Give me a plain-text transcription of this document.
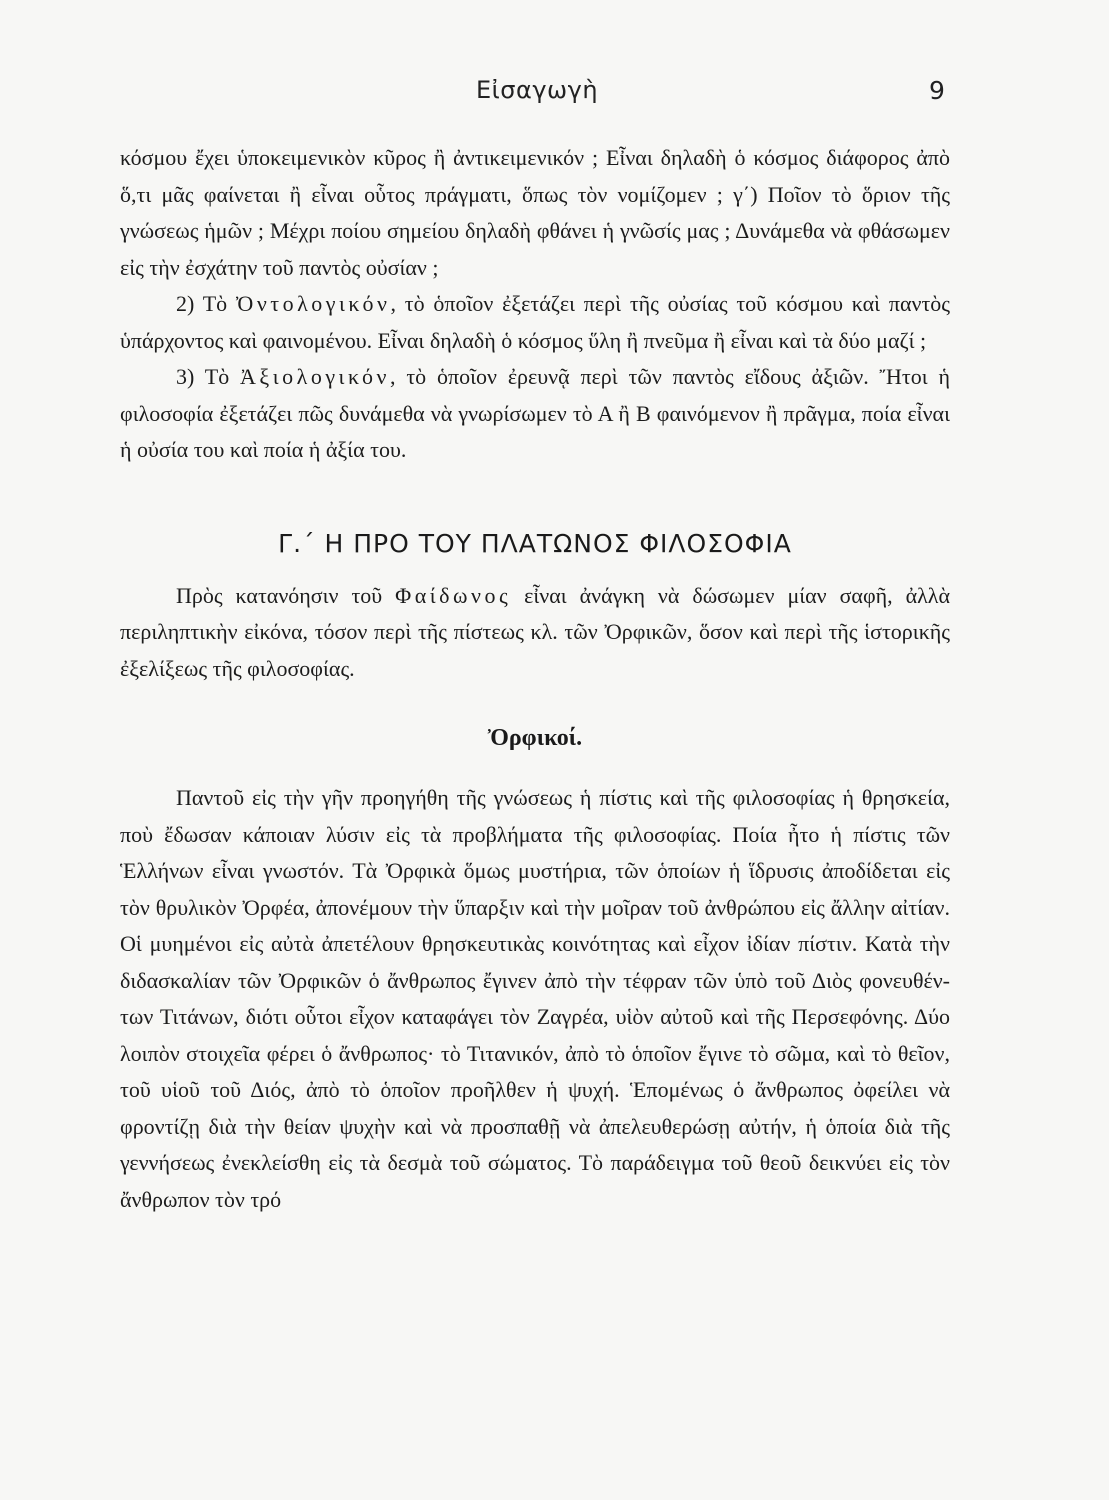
Εἰσαγωγὴ	9

κόσμου ἔχει ὑποκειμενικὸν κῦρος ἢ ἀντικειμενικόν ; Εἶναι δηλαδὴ ὁ κόσμος διάφορος ἀπὸ ὅ,τι μᾶς φαίνεται ἢ εἶναι οὗτος πράγματι, ὅπως τὸν νομίζομεν ; γ΄) Ποῖον τὸ ὅριον τῆς γνώσεως ἡμῶν ; Μέχρι ποίου σημείου δηλαδὴ φθάνει ἡ γνῶσίς μας ; Δυνάμεθα νὰ φθάσωμεν εἰς τὴν ἐσχάτην τοῦ παντὸς οὐσίαν ;

2) Τὸ Ὀντολογικόν, τὸ ὁποῖον ἐξετάζει περὶ τῆς οὐσίας τοῦ κόσμου καὶ παντὸς ὑπάρχοντος καὶ φαινομένου. Εἶναι δηλαδὴ ὁ κόσμος ὕλη ἢ πνεῦμα ἢ εἶναι καὶ τὰ δύο μαζί ;

3) Τὸ Ἀξιολογικόν, τὸ ὁποῖον ἐρευνᾷ περὶ τῶν παντὸς εἴδους ἀξιῶν. Ἤτοι ἡ φιλοσοφία ἐξετάζει πῶς δυνάμεθα νὰ γνωρίσωμεν τὸ Α ἢ Β φαινόμενον ἢ πρᾶγμα, ποία εἶναι ἡ οὐσία του καὶ ποία ἡ ἀξία του.

Γ.΄ Η ΠΡΟ ΤΟΥ ΠΛΑΤΩΝΟΣ ΦΙΛΟΣΟΦΙΑ

Πρὸς κατανόησιν τοῦ Φαίδωνος εἶναι ἀνάγκη νὰ δώσωμεν μίαν σαφῆ, ἀλλὰ περιληπτικὴν εἰκόνα, τόσον περὶ τῆς πίστεως κλ. τῶν Ὀρφικῶν, ὅσον καὶ περὶ τῆς ἱστορικῆς ἐξελίξεως τῆς φιλοσοφίας.

Ὀρφικοί.

Παντοῦ εἰς τὴν γῆν προηγήθη τῆς γνώσεως ἡ πίστις καὶ τῆς φιλοσοφίας ἡ θρησκεία, ποὺ ἔδωσαν κάποιαν λύσιν εἰς τὰ προβλήματα τῆς φιλοσοφίας. Ποία ἦτο ἡ πίστις τῶν Ἑλλήνων εἶναι γνωστόν. Τὰ Ὀρφικὰ ὅμως μυστήρια, τῶν ὁποίων ἡ ἵδρυσις ἀποδίδεται εἰς τὸν θρυλικὸν Ὀρφέα, ἀπονέμουν τὴν ὕπαρξιν καὶ τὴν μοῖραν τοῦ ἀνθρώπου εἰς ἄλλην αἰτίαν. Οἱ μυημένοι εἰς αὐτὰ ἀπετέλουν θρησκευτικὰς κοινότητας καὶ εἶχον ἰδίαν πίστιν. Κατὰ τὴν διδασκαλίαν τῶν Ὀρφικῶν ὁ ἄνθρωπος ἔγινεν ἀπὸ τὴν τέφραν τῶν ὑπὸ τοῦ Διὸς φονευθέντων Τιτάνων, διότι οὗτοι εἶχον καταφάγει τὸν Ζαγρέα, υἱὸν αὐτοῦ καὶ τῆς Περσεφόνης. Δύο λοιπὸν στοιχεῖα φέρει ὁ ἄνθρωπος· τὸ Τιτανικόν, ἀπὸ τὸ ὁποῖον ἔγινε τὸ σῶμα, καὶ τὸ θεῖον, τοῦ υἱοῦ τοῦ Διός, ἀπὸ τὸ ὁποῖον προῆλθεν ἡ ψυχή. Ἑπομένως ὁ ἄνθρωπος ὀφείλει νὰ φροντίζῃ διὰ τὴν θείαν ψυχὴν καὶ νὰ προσπαθῇ νὰ ἀπελευθερώσῃ αὐτήν, ἡ ὁποία διὰ τῆς γεννήσεως ἐνεκλείσθη εἰς τὰ δεσμὰ τοῦ σώματος. Τὸ παράδειγμα τοῦ θεοῦ δεικνύει εἰς τὸν ἄνθρωπον τὸν τρό
